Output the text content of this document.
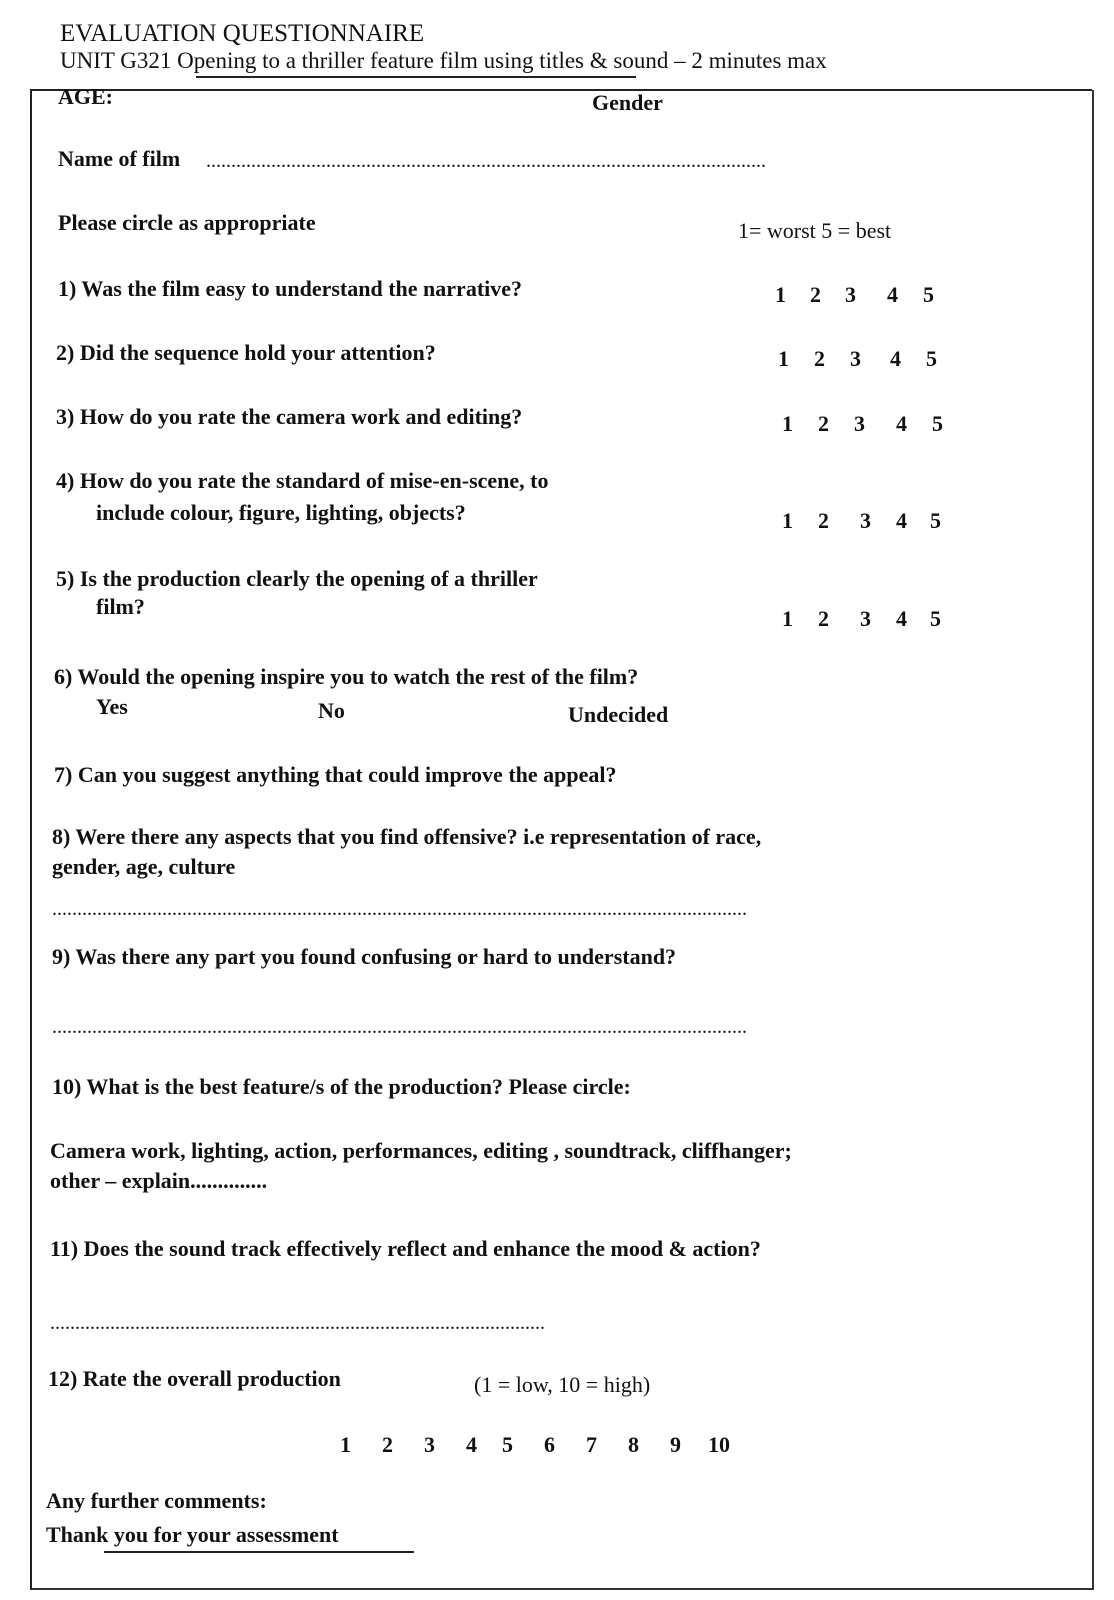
EVALUATION QUESTIONNAIRE
UNIT G321 Opening to a thriller feature film using titles & sound – 2 minutes max
AGE:	Gender
Name of film ................................................................................................................
Please circle as appropriate	1= worst 5 = best
1) Was the film easy to understand the narrative?	1 2 3 4 5
2) Did the sequence hold your attention?	1 2 3 4 5
3) How do you rate the camera work and editing?	1 2 3 4 5
4) How do you rate the standard of mise-en-scene, to
include colour, figure, lighting, objects?	1 2 3 4 5
5) Is the production clearly the opening of a thriller
film?	1 2 3 4 5
6) Would the opening inspire you to watch the rest of the film?
Yes	No	Undecided
7) Can you suggest anything that could improve the appeal?
8) Were there any aspects that you find offensive? i.e representation of race,
gender, age, culture
...........................................................................................................................................
9) Was there any part you found confusing or hard to understand?
...........................................................................................................................................
10) What is the best feature/s of the production? Please circle:
Camera work, lighting, action, performances, editing , soundtrack, cliffhanger;
other – explain..............
11) Does the sound track effectively reflect and enhance the mood & action?
...................................................................................................
12) Rate the overall production	(1 = low, 10 = high)
1 2 3 4 5 6 7 8 9 10
Any further comments:
Thank you for your assessment
